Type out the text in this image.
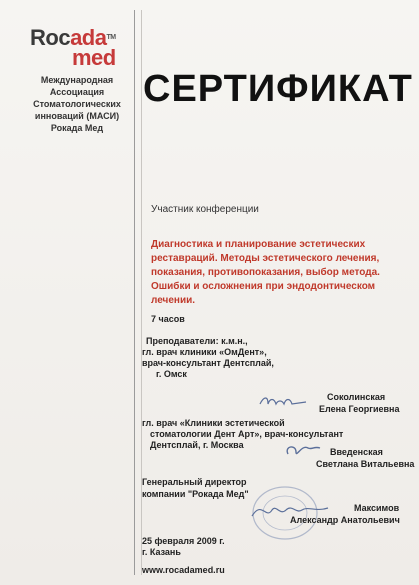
Rocada™
med
Международная
Ассоциация
Стоматологических
инноваций (МАСИ)
Рокада Мед
СЕРТИФИКАТ
Участник конференции
Диагностика и планирование эстетических реставраций. Методы эстетического лечения, показания, противопоказания, выбор метода. Ошибки и осложнения при эндодонтическом лечении.
7 часов
Преподаватели: к.м.н.,
гл. врач клиники «ОмДент»,
врач-консультант Дентсплай,
г. Омск
Соколинская
Елена Георгиевна
гл. врач «Клиники эстетической
стоматологии Дент Арт», врач-консультант
Дентсплай, г. Москва
Введенская
Светлана Витальевна
Генеральный директор
компании "Рокада Мед"
Максимов
Александр Анатольевич
25 февраля 2009 г.
г. Казань
www.rocadamed.ru
